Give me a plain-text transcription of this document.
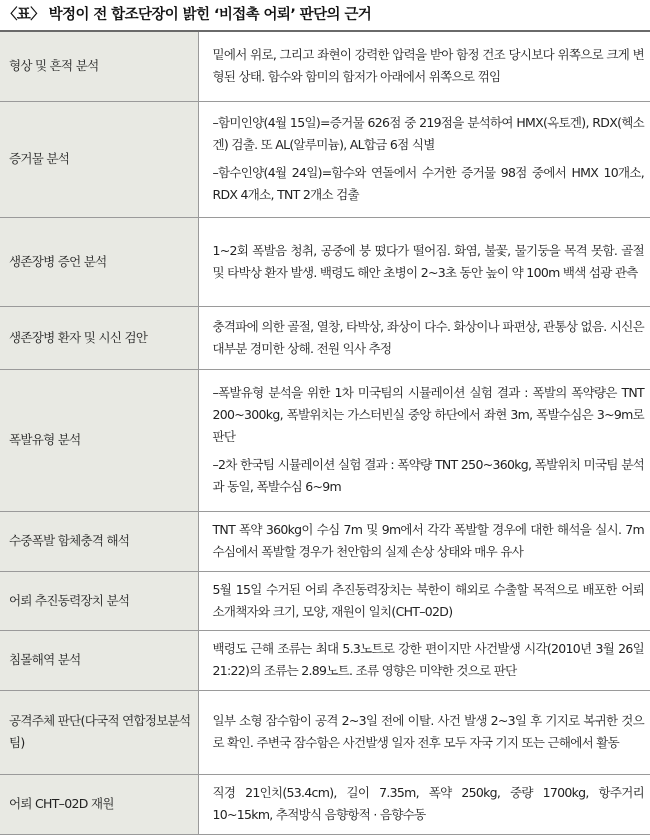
〈표〉 박정이 전 합조단장이 밝힌 ‘비접촉 어뢰’ 판단의 근거
형상 및 흔적 분석	밑에서 위로, 그리고 좌현이 강력한 압력을 받아 함정 건조 당시보다 위쪽으로 크게 변형된 상태. 함수와 함미의 함저가 아래에서 위쪽으로 꺾임

증거물 분석	–함미인양(4월 15일)=증거물 626점 중 219점을 분석하여 HMX(옥토겐), RDX(헥소겐) 검출. 또 AL(알루미늄), AL합금 6점 식별
–함수인양(4월 24일)=함수와 연돌에서 수거한 증거물 98점 중에서 HMX 10개소, RDX 4개소, TNT 2개소 검출

생존장병 증언 분석	1~2회 폭발음 청취, 공중에 붕 떴다가 떨어짐. 화염, 불꽃, 물기둥을 목격 못함. 골절 및 타박상 환자 발생. 백령도 해안 초병이 2~3초 동안 높이 약 100m 백색 섬광 관측

생존장병 환자 및 시신 검안	충격파에 의한 골절, 열창, 타박상, 좌상이 다수. 화상이나 파편상, 관통상 없음. 시신은 대부분 경미한 상해. 전원 익사 추정

폭발유형 분석	–폭발유형 분석을 위한 1차 미국팀의 시뮬레이션 실험 결과 : 폭발의 폭약량은 TNT 200~300kg, 폭발위치는 가스터빈실 중앙 하단에서 좌현 3m, 폭발수심은 3~9m로 판단
–2차 한국팀 시뮬레이션 실험 결과 : 폭약량 TNT 250~360kg, 폭발위치 미국팀 분석과 동일, 폭발수심 6~9m

수중폭발 함체충격 해석	TNT 폭약 360kg이 수심 7m 및 9m에서 각각 폭발할 경우에 대한 해석을 실시. 7m 수심에서 폭발할 경우가 천안함의 실제 손상 상태와 매우 유사

어뢰 추진동력장치 분석	5월 15일 수거된 어뢰 추진동력장치는 북한이 해외로 수출할 목적으로 배포한 어뢰 소개책자와 크기, 모양, 재원이 일치(CHT–02D)

침몰해역 분석	백령도 근해 조류는 최대 5.3노트로 강한 편이지만 사건발생 시각(2010년 3월 26일 21:22)의 조류는 2.89노트. 조류 영향은 미약한 것으로 판단

공격주체 판단(다국적 연합정보분석팀)	일부 소형 잠수함이 공격 2~3일 전에 이탈. 사건 발생 2~3일 후 기지로 복귀한 것으로 확인. 주변국 잠수함은 사건발생 일자 전후 모두 자국 기지 또는 근해에서 활동

어뢰 CHT–02D 재원	직경 21인치(53.4cm), 길이 7.35m, 폭약 250kg, 중량 1700kg, 항주거리 10~15km, 추적방식 음향항적 · 음향수동
